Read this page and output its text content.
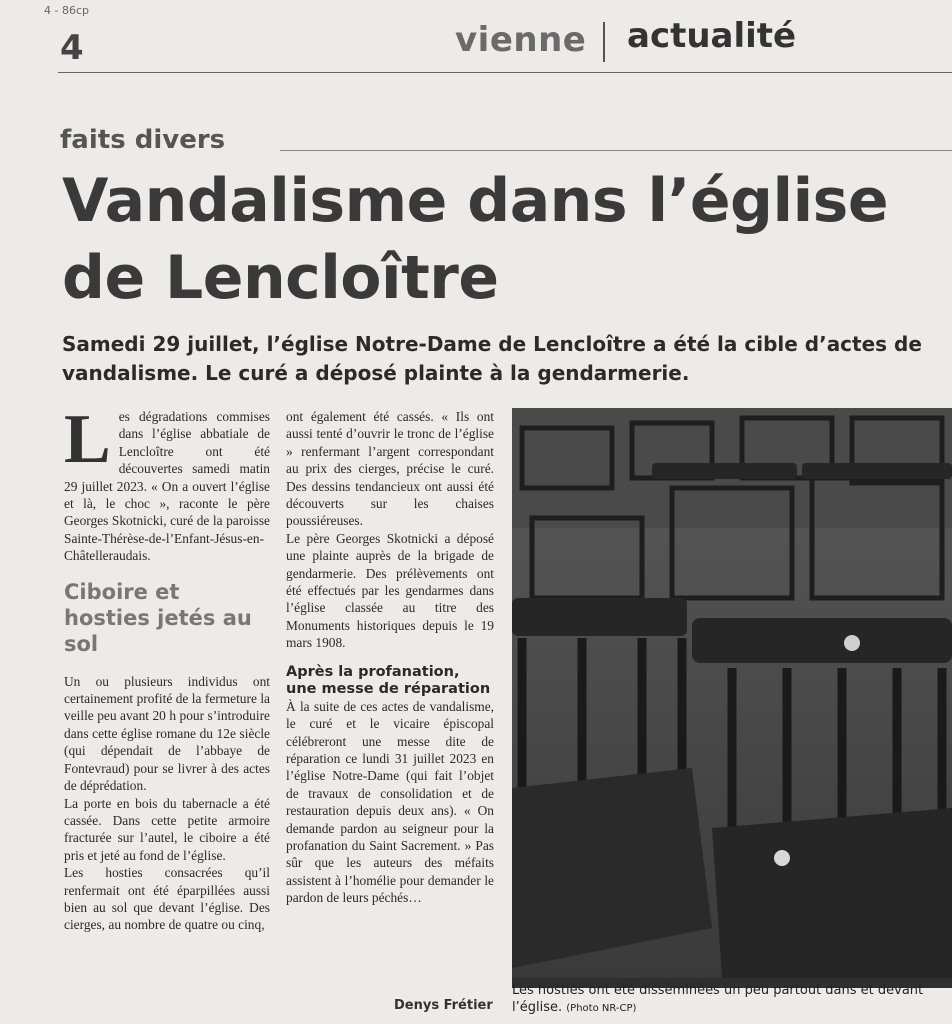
4 - 86cp
4	vienne actualité
faits divers
Vandalisme dans l’église de Lencloître

Samedi 29 juillet, l’église Notre-Dame de Lencloître a été la cible d’actes de vandalisme. Le curé a déposé plainte à la gendarmerie.

L es dégradations commises dans l’église abbatiale de Lencloître ont été découvertes samedi matin 29 juillet 2023. « On a ouvert l’église et là, le choc », raconte le père Georges Skotnicki, curé de la paroisse Sainte-Thérèse-de-l’Enfant-Jésus-en-Châtelleraudais.

Ciboire et hosties jetés au sol

Un ou plusieurs individus ont certainement profité de la fermeture la veille peu avant 20 h pour s’introduire dans cette église romane du 12e siècle (qui dépendait de l’abbaye de Fontevraud) pour se livrer à des actes de déprédation.

La porte en bois du tabernacle a été cassée. Dans cette petite armoire fracturée sur l’autel, le ciboire a été pris et jeté au fond de l’église.

Les hosties consacrées qu’il renfermait ont été éparpillées aussi bien au sol que devant l’église. Des cierges, au nombre de quatre ou cinq,

ont également été cassés. « Ils ont aussi tenté d’ouvrir le tronc de l’église » renfermant l’argent correspondant au prix des cierges, précise le curé. Des dessins tendancieux ont aussi été découverts sur les chaises poussiéreuses.

Le père Georges Skotnicki a déposé une plainte auprès de la brigade de gendarmerie. Des prélèvements ont été effectués par les gendarmes dans l’église classée au titre des Monuments historiques depuis le 19 mars 1908.

Après la profanation, une messe de réparation

À la suite de ces actes de vandalisme, le curé et le vicaire épiscopal célébreront une messe dite de réparation ce lundi 31 juillet 2023 en l’église Notre-Dame (qui fait l’objet de travaux de consolidation et de restauration depuis deux ans). « On demande pardon au seigneur pour la profanation du Saint Sacrement. » Pas sûr que les auteurs des méfaits assistent à l’homélie pour demander le pardon de leurs péchés…

Denys Frétier
Les hosties ont été disséminées un peu partout dans et devant l’église. (Photo NR-CP)
